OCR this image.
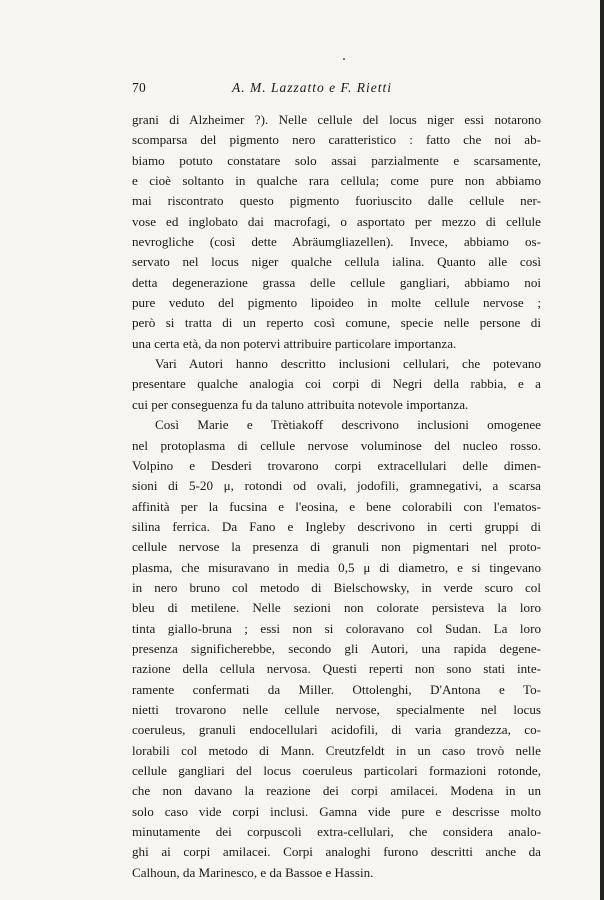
70	A. M. Lazzatto e F. Rietti
grani di Alzheimer ?). Nelle cellule del locus niger essi notarono
scomparsa del pigmento nero caratteristico : fatto che noi ab-
biamo potuto constatare solo assai parzialmente e scarsamente,
e cioè soltanto in qualche rara cellula; come pure non abbiamo
mai riscontrato questo pigmento fuoriuscito dalle cellule ner-
vose ed inglobato dai macrofagi, o asportato per mezzo di cellule
nevrogliche (così dette Abräumgliazellen). Invece, abbiamo os-
servato nel locus niger qualche cellula ialina. Quanto alle così
detta degenerazione grassa delle cellule gangliari, abbiamo noi
pure veduto del pigmento lipoideo in molte cellule nervose ;
però si tratta di un reperto così comune, specie nelle persone di
una certa età, da non potervi attribuire particolare importanza.
Vari Autori hanno descritto inclusioni cellulari, che potevano
presentare qualche analogia coi corpi di Negri della rabbia, e a
cui per conseguenza fu da taluno attribuita notevole importanza.
Così Marie e Trètiakoff descrivono inclusioni omogenee
nel protoplasma di cellule nervose voluminose del nucleo rosso.
Volpino e Desderi trovarono corpi extracellulari delle dimen-
sioni di 5-20 μ, rotondi od ovali, jodofili, gramnegativi, a scarsa
affinità per la fucsina e l'eosina, e bene colorabili con l'ematos-
silina ferrica. Da Fano e Ingleby descrivono in certi gruppi di
cellule nervose la presenza di granuli non pigmentari nel proto-
plasma, che misuravano in media 0,5 μ di diametro, e si tingevano
in nero bruno col metodo di Bielschowsky, in verde scuro col
bleu di metilene. Nelle sezioni non colorate persisteva la loro
tinta giallo-bruna ; essi non si coloravano col Sudan. La loro
presenza significherebbe, secondo gli Autori, una rapida degene-
razione della cellula nervosa. Questi reperti non sono stati inte-
ramente confermati da Miller. Ottolenghi, D'Antona e To-
nietti trovarono nelle cellule nervose, specialmente nel locus
coeruleus, granuli endocellulari acidofili, di varia grandezza, co-
lorabili col metodo di Mann. Creutzfeldt in un caso trovò nelle
cellule gangliari del locus coeruleus particolari formazioni rotonde,
che non davano la reazione dei corpi amilacei. Modena in un
solo caso vide corpi inclusi. Gamna vide pure e descrisse molto
minutamente dei corpuscoli extra-cellulari, che considera analo-
ghi ai corpi amilacei. Corpi analoghi furono descritti anche da
Calhoun, da Marinesco, e da Bassoe e Hassin.
